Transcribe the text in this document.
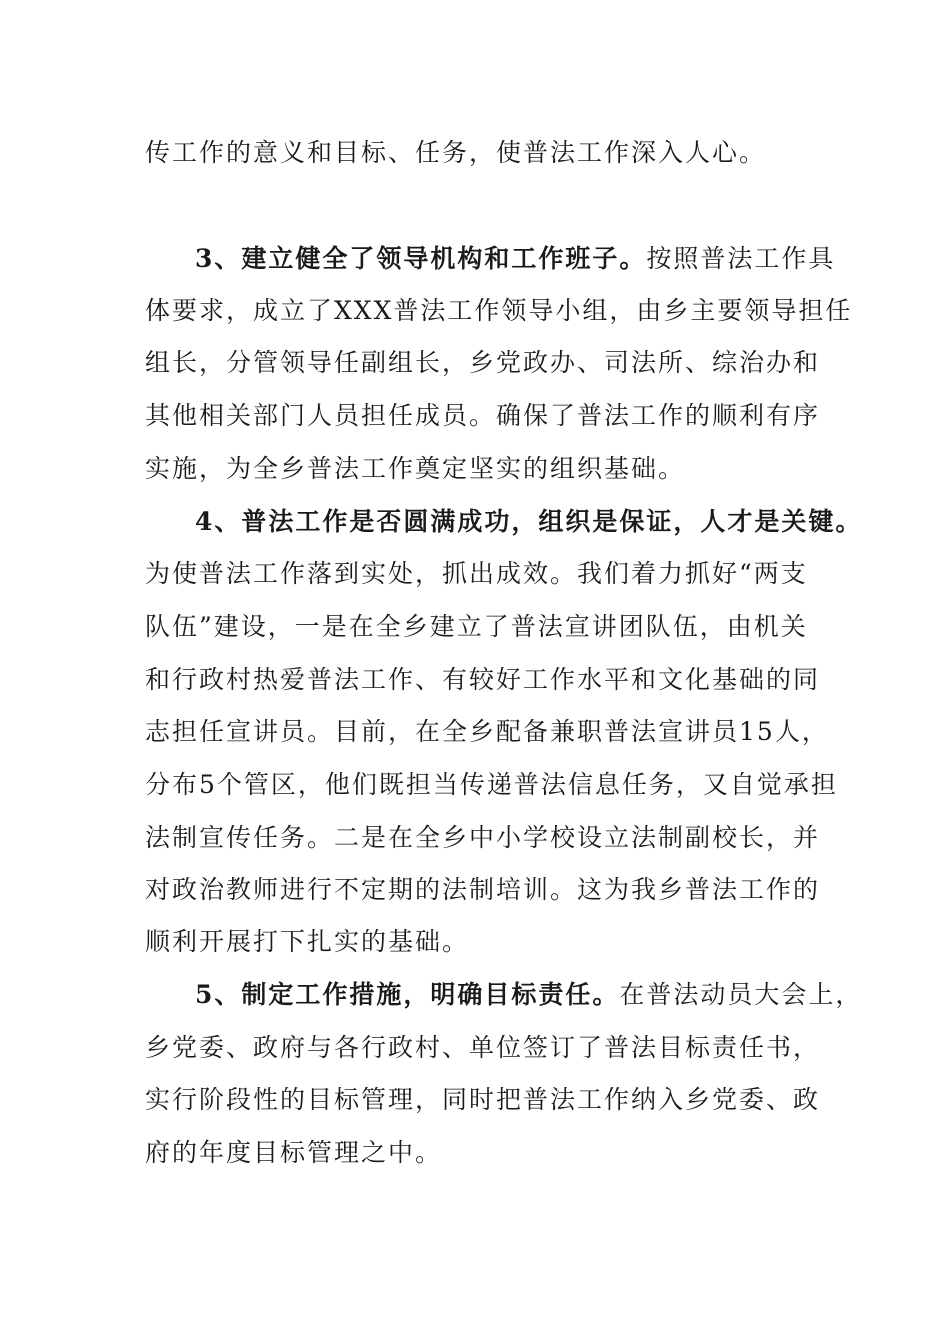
传工作的意义和目标、任务，使普法工作深入人心。
3、建立健全了领导机构和工作班子。按照普法工作具
体要求，成立了XXX普法工作领导小组，由乡主要领导担任
组长，分管领导任副组长，乡党政办、司法所、综治办和
其他相关部门人员担任成员。确保了普法工作的顺利有序
实施，为全乡普法工作奠定坚实的组织基础。
4、普法工作是否圆满成功，组织是保证，人才是关键。
为使普法工作落到实处，抓出成效。我们着力抓好“两支
队伍”建设，一是在全乡建立了普法宣讲团队伍，由机关
和行政村热爱普法工作、有较好工作水平和文化基础的同
志担任宣讲员。目前，在全乡配备兼职普法宣讲员15人，
分布5个管区，他们既担当传递普法信息任务，又自觉承担
法制宣传任务。二是在全乡中小学校设立法制副校长，并
对政治教师进行不定期的法制培训。这为我乡普法工作的
顺利开展打下扎实的基础。
5、制定工作措施，明确目标责任。在普法动员大会上，
乡党委、政府与各行政村、单位签订了普法目标责任书，
实行阶段性的目标管理，同时把普法工作纳入乡党委、政
府的年度目标管理之中。
